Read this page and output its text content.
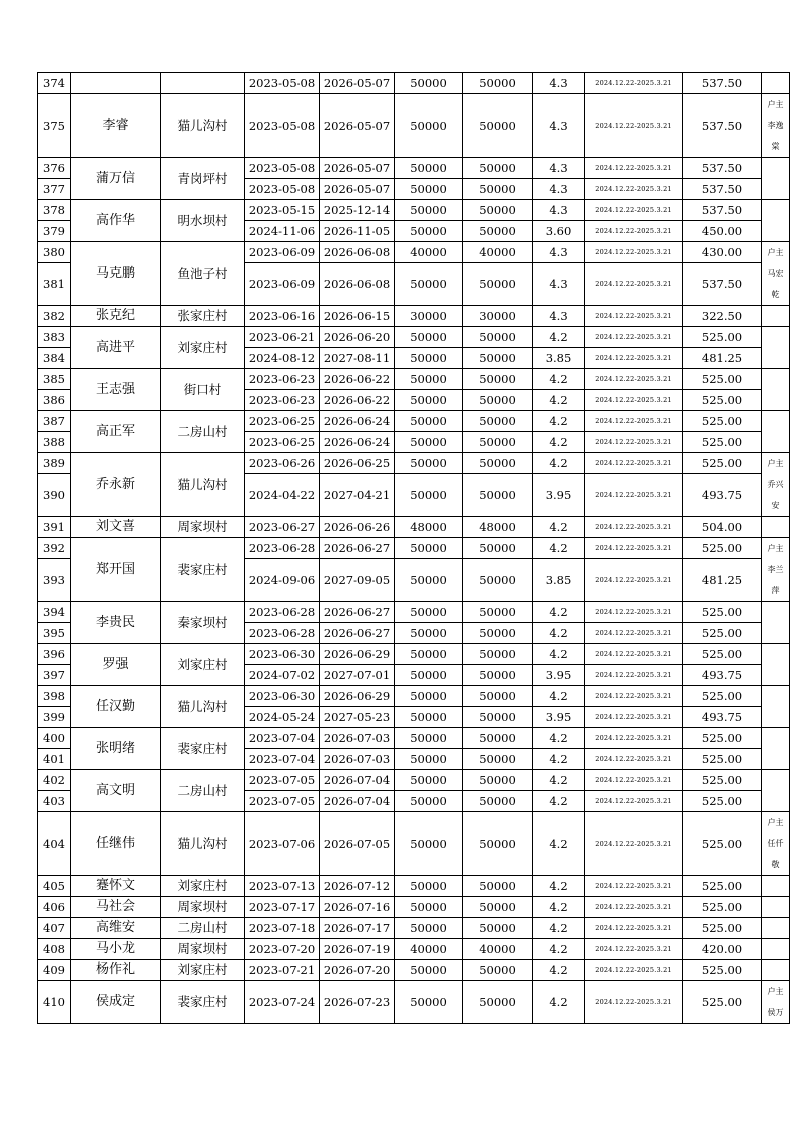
374			2023-05-08	2026-05-07	50000	50000	4.3	2024.12.22-2025.3.21	537.50	
375	李睿	猫儿沟村	2023-05-08	2026-05-07	50000	50000	4.3	2024.12.22-2025.3.21	537.50	户主
李逸
棠

376	蒲万信	青岗坪村	2023-05-08	2026-05-07	50000	50000	4.3	2024.12.22-2025.3.21	537.50	
377			2023-05-08	2026-05-07	50000	50000	4.3	2024.12.22-2025.3.21	537.50	
378	高作华	明水坝村	2023-05-15	2025-12-14	50000	50000	4.3	2024.12.22-2025.3.21	537.50	
379			2024-11-06	2026-11-05	50000	50000	3.60	2024.12.22-2025.3.21	450.00	
380	马克鹏	鱼池子村	2023-06-09	2026-06-08	40000	40000	4.3	2024.12.22-2025.3.21	430.00	户主
马宏
乾

381			2023-06-09	2026-06-08	50000	50000	4.3	2024.12.22-2025.3.21	537.50	
382	张克纪	张家庄村	2023-06-16	2026-06-15	30000	30000	4.3	2024.12.22-2025.3.21	322.50	
383	高进平	刘家庄村	2023-06-21	2026-06-20	50000	50000	4.2	2024.12.22-2025.3.21	525.00	
384			2024-08-12	2027-08-11	50000	50000	3.85	2024.12.22-2025.3.21	481.25	
385	王志强	街口村	2023-06-23	2026-06-22	50000	50000	4.2	2024.12.22-2025.3.21	525.00	
386			2023-06-23	2026-06-22	50000	50000	4.2	2024.12.22-2025.3.21	525.00	
387	高正军	二房山村	2023-06-25	2026-06-24	50000	50000	4.2	2024.12.22-2025.3.21	525.00	
388			2023-06-25	2026-06-24	50000	50000	4.2	2024.12.22-2025.3.21	525.00	
389	乔永新	猫儿沟村	2023-06-26	2026-06-25	50000	50000	4.2	2024.12.22-2025.3.21	525.00	户主
乔兴
安

390			2024-04-22	2027-04-21	50000	50000	3.95	2024.12.22-2025.3.21	493.75	
391	刘文喜	周家坝村	2023-06-27	2026-06-26	48000	48000	4.2	2024.12.22-2025.3.21	504.00	
392	郑开国	裴家庄村	2023-06-28	2026-06-27	50000	50000	4.2	2024.12.22-2025.3.21	525.00	户主
李兰
萍

393			2024-09-06	2027-09-05	50000	50000	3.85	2024.12.22-2025.3.21	481.25	
394	李贵民	秦家坝村	2023-06-28	2026-06-27	50000	50000	4.2	2024.12.22-2025.3.21	525.00	
395			2023-06-28	2026-06-27	50000	50000	4.2	2024.12.22-2025.3.21	525.00	
396	罗强	刘家庄村	2023-06-30	2026-06-29	50000	50000	4.2	2024.12.22-2025.3.21	525.00	
397			2024-07-02	2027-07-01	50000	50000	3.95	2024.12.22-2025.3.21	493.75	
398	任汉勤	猫儿沟村	2023-06-30	2026-06-29	50000	50000	4.2	2024.12.22-2025.3.21	525.00	
399			2024-05-24	2027-05-23	50000	50000	3.95	2024.12.22-2025.3.21	493.75	
400	张明绪	裴家庄村	2023-07-04	2026-07-03	50000	50000	4.2	2024.12.22-2025.3.21	525.00	
401			2023-07-04	2026-07-03	50000	50000	4.2	2024.12.22-2025.3.21	525.00	
402	高文明	二房山村	2023-07-05	2026-07-04	50000	50000	4.2	2024.12.22-2025.3.21	525.00	
403			2023-07-05	2026-07-04	50000	50000	4.2	2024.12.22-2025.3.21	525.00	
404	任继伟	猫儿沟村	2023-07-06	2026-07-05	50000	50000	4.2	2024.12.22-2025.3.21	525.00	户主
任仟
敬

405	蹇怀文	刘家庄村	2023-07-13	2026-07-12	50000	50000	4.2	2024.12.22-2025.3.21	525.00	
406	马社会	周家坝村	2023-07-17	2026-07-16	50000	50000	4.2	2024.12.22-2025.3.21	525.00	
407	高维安	二房山村	2023-07-18	2026-07-17	50000	50000	4.2	2024.12.22-2025.3.21	525.00	
408	马小龙	周家坝村	2023-07-20	2026-07-19	40000	40000	4.2	2024.12.22-2025.3.21	420.00	
409	杨作礼	刘家庄村	2023-07-21	2026-07-20	50000	50000	4.2	2024.12.22-2025.3.21	525.00	
410	侯成定	裴家庄村	2023-07-24	2026-07-23	50000	50000	4.2	2024.12.22-2025.3.21	525.00	户主
侯万
